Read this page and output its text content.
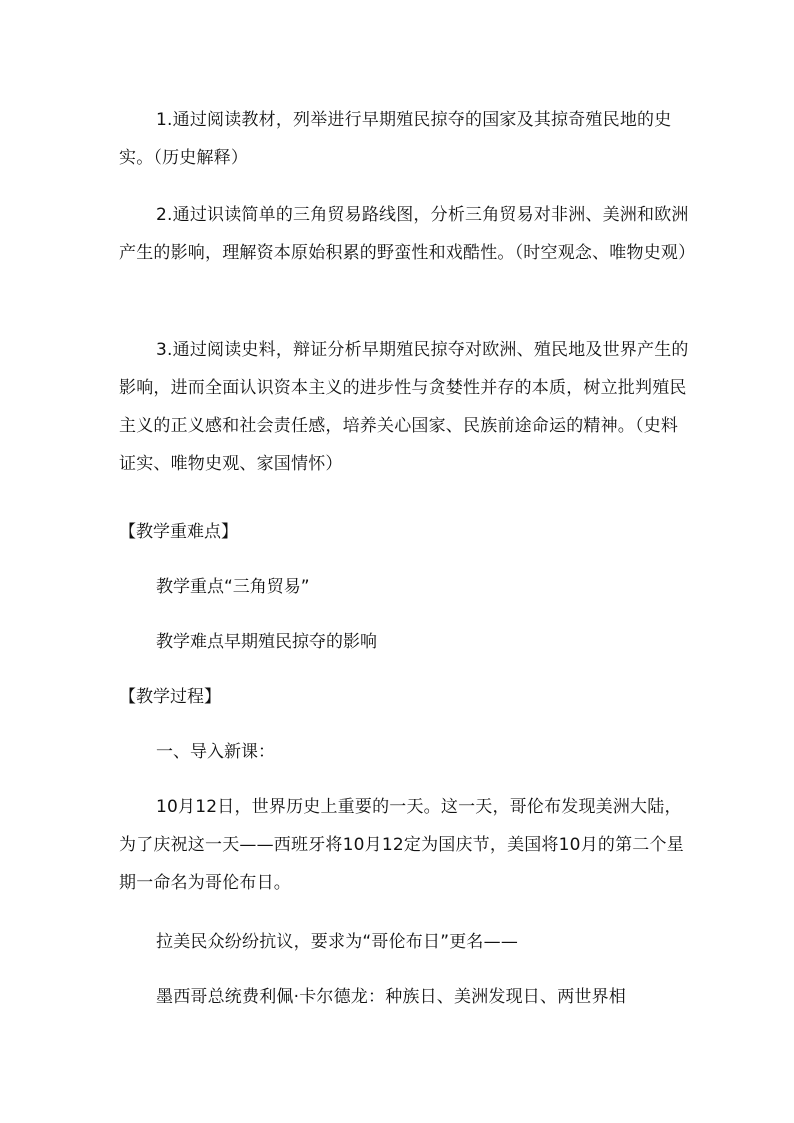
1.通过阅读教材，列举进行早期殖民掠夺的国家及其掠奇殖民地的史实。（历史解释）

2.通过识读简单的三角贸易路线图，分析三角贸易对非洲、美洲和欧洲产生的影响，理解资本原始积累的野蛮性和戏酷性。（时空观念、唯物史观）

3.通过阅读史料，辩证分析早期殖民掠夺对欧洲、殖民地及世界产生的影响，进而全面认识资本主义的进步性与贪婪性并存的本质，树立批判殖民主义的正义感和社会责任感，培养关心国家、民族前途命运的精神。（史料证实、唯物史观、家国情怀）

【教学重难点】
教学重点“三角贸易”
教学难点早期殖民掠夺的影响
【教学过程】
一、导入新课：

10月12日，世界历史上重要的一天。这一天，哥伦布发现美洲大陆，为了庆祝这一天——西班牙将10月12定为国庆节，美国将10月的第二个星期一命名为哥伦布日。

拉美民众纷纷抗议，要求为“哥伦布日”更名——

墨西哥总统费利佩·卡尔德龙：种族日、美洲发现日、两世界相
